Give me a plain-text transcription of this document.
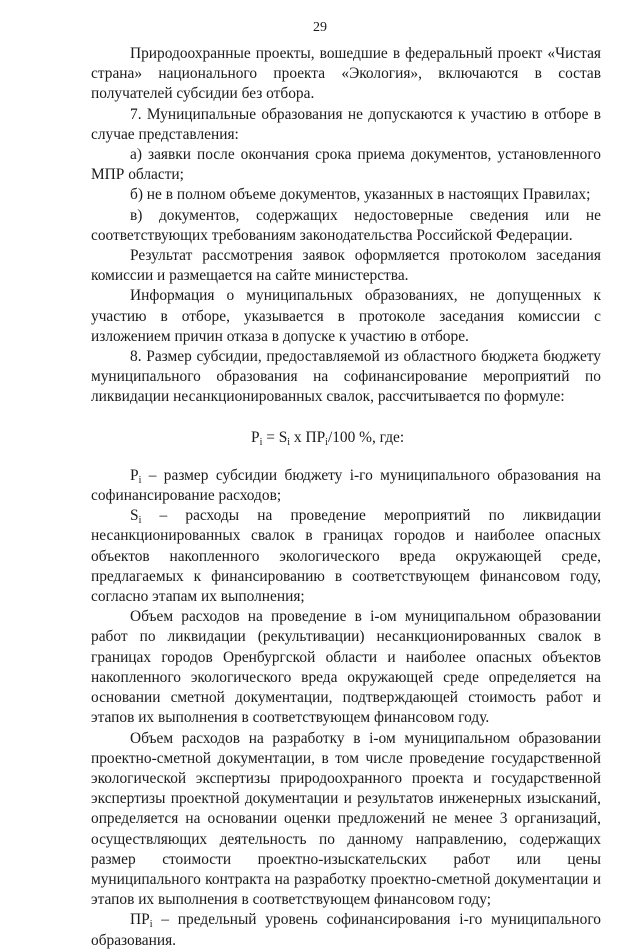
29

Природоохранные проекты, вошедшие в федеральный проект «Чистая страна» национального проекта «Экология», включаются в состав получателей субсидии без отбора.

7. Муниципальные образования не допускаются к участию в отборе в случае представления:

а) заявки после окончания срока приема документов, установленного МПР области;

б) не в полном объеме документов, указанных в настоящих Правилах;

в) документов, содержащих недостоверные сведения или не соответствующих требованиям законодательства Российской Федерации.

Результат рассмотрения заявок оформляется протоколом заседания комиссии и размещается на сайте министерства.

Информация о муниципальных образованиях, не допущенных к участию в отборе, указывается в протоколе заседания комиссии с изложением причин отказа в допуске к участию в отборе.

8. Размер субсидии, предоставляемой из областного бюджета бюджету муниципального образования на софинансирование мероприятий по ликвидации несанкционированных свалок, рассчитывается по формуле:

$P_i = S_i$ x $ПР_i/100$ %, где:

$P_i$ – размер субсидии бюджету i-го муниципального образования на софинансирование расходов;

$S_i$ – расходы на проведение мероприятий по ликвидации несанкционированных свалок в границах городов и наиболее опасных объектов накопленного экологического вреда окружающей среде, предлагаемых к финансированию в соответствующем финансовом году, согласно этапам их выполнения;

Объем расходов на проведение в i-ом муниципальном образовании работ по ликвидации (рекультивации) несанкционированных свалок в границах городов Оренбургской области и наиболее опасных объектов накопленного экологического вреда окружающей среде определяется на основании сметной документации, подтверждающей стоимость работ и этапов их выполнения в соответствующем финансовом году.

Объем расходов на разработку в i-ом муниципальном образовании проектно-сметной документации, в том числе проведение государственной экологической экспертизы природоохранного проекта и государственной экспертизы проектной документации и результатов инженерных изысканий, определяется на основании оценки предложений не менее 3 организаций, осуществляющих деятельность по данному направлению, содержащих размер стоимости проектно-изыскательских работ или цены муниципального контракта на разработку проектно-сметной документации и этапов их выполнения в соответствующем финансовом году;

$ПР_i$ – предельный уровень софинансирования i-го муниципального образования.
